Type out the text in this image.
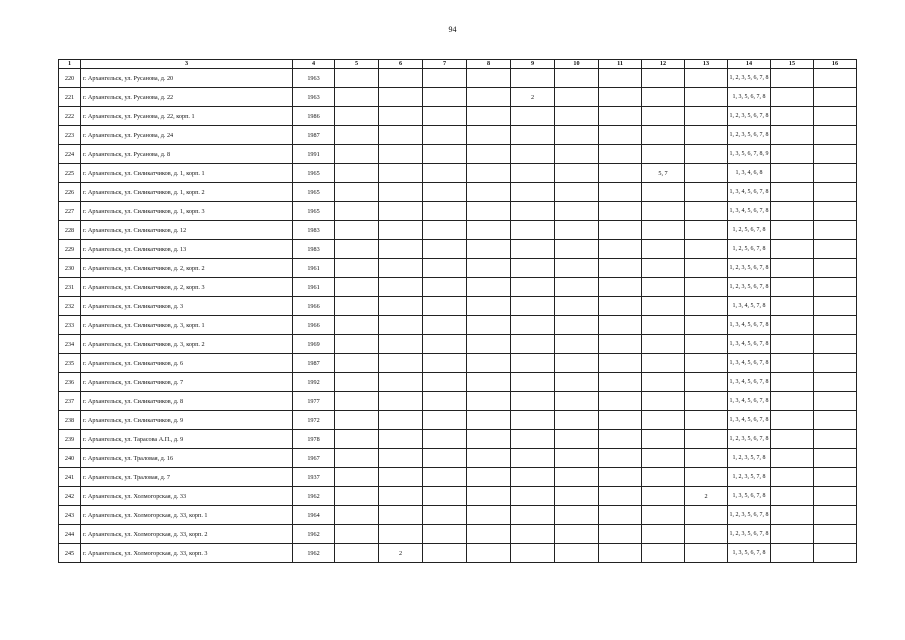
94
1	3	4	5	6	7	8	9	10	11	12	13	14	15	16
220	г. Архангельск, ул. Русанова, д. 20	1963										1, 2, 3, 5, 6, 7, 8		
221	г. Архангельск, ул. Русанова, д. 22	1963					2					1, 3, 5, 6, 7, 8		
222	г. Архангельск, ул. Русанова, д. 22, корп. 1	1986										1, 2, 3, 5, 6, 7, 8		
223	г. Архангельск, ул. Русанова, д. 24	1987										1, 2, 3, 5, 6, 7, 8		
224	г. Архангельск, ул. Русанова, д. 8	1991										1, 3, 5, 6, 7, 8, 9		
225	г. Архангельск, ул. Силикатчиков, д. 1, корп. 1	1965								5, 7		1, 3, 4, 6, 8		
226	г. Архангельск, ул. Силикатчиков, д. 1, корп. 2	1965										1, 3, 4, 5, 6, 7, 8		
227	г. Архангельск, ул. Силикатчиков, д. 1, корп. 3	1965										1, 3, 4, 5, 6, 7, 8		
228	г. Архангельск, ул. Силикатчиков, д. 12	1983										1, 2, 5, 6, 7, 8		
229	г. Архангельск, ул. Силикатчиков, д. 13	1983										1, 2, 5, 6, 7, 8		
230	г. Архангельск, ул. Силикатчиков, д. 2, корп. 2	1961										1, 2, 3, 5, 6, 7, 8		
231	г. Архангельск, ул. Силикатчиков, д. 2, корп. 3	1961										1, 2, 3, 5, 6, 7, 8		
232	г. Архангельск, ул. Силикатчиков, д. 3	1966										1, 3, 4, 5, 7, 8		
233	г. Архангельск, ул. Силикатчиков, д. 3, корп. 1	1966										1, 3, 4, 5, 6, 7, 8		
234	г. Архангельск, ул. Силикатчиков, д. 3, корп. 2	1969										1, 3, 4, 5, 6, 7, 8		
235	г. Архангельск, ул. Силикатчиков, д. 6	1987										1, 3, 4, 5, 6, 7, 8		
236	г. Архангельск, ул. Силикатчиков, д. 7	1992										1, 3, 4, 5, 6, 7, 8		
237	г. Архангельск, ул. Силикатчиков, д. 8	1977										1, 3, 4, 5, 6, 7, 8		
238	г. Архангельск, ул. Силикатчиков, д. 9	1972										1, 3, 4, 5, 6, 7, 8		
239	г. Архангельск, ул. Тарасова А.П., д. 9	1978										1, 2, 3, 5, 6, 7, 8		
240	г. Архангельск, ул. Траловая, д. 16	1967										1, 2, 3, 5, 7, 8		
241	г. Архангельск, ул. Траловая, д. 7	1937										1, 2, 3, 5, 7, 8		
242	г. Архангельск, ул. Холмогорская, д. 33	1962									2	1, 3, 5, 6, 7, 8		
243	г. Архангельск, ул. Холмогорская, д. 33, корп. 1	1964										1, 2, 3, 5, 6, 7, 8		
244	г. Архангельск, ул. Холмогорская, д. 33, корп. 2	1962										1, 2, 3, 5, 6, 7, 8		
245	г. Архангельск, ул. Холмогорская, д. 33, корп. 3	1962		2								1, 3, 5, 6, 7, 8		
